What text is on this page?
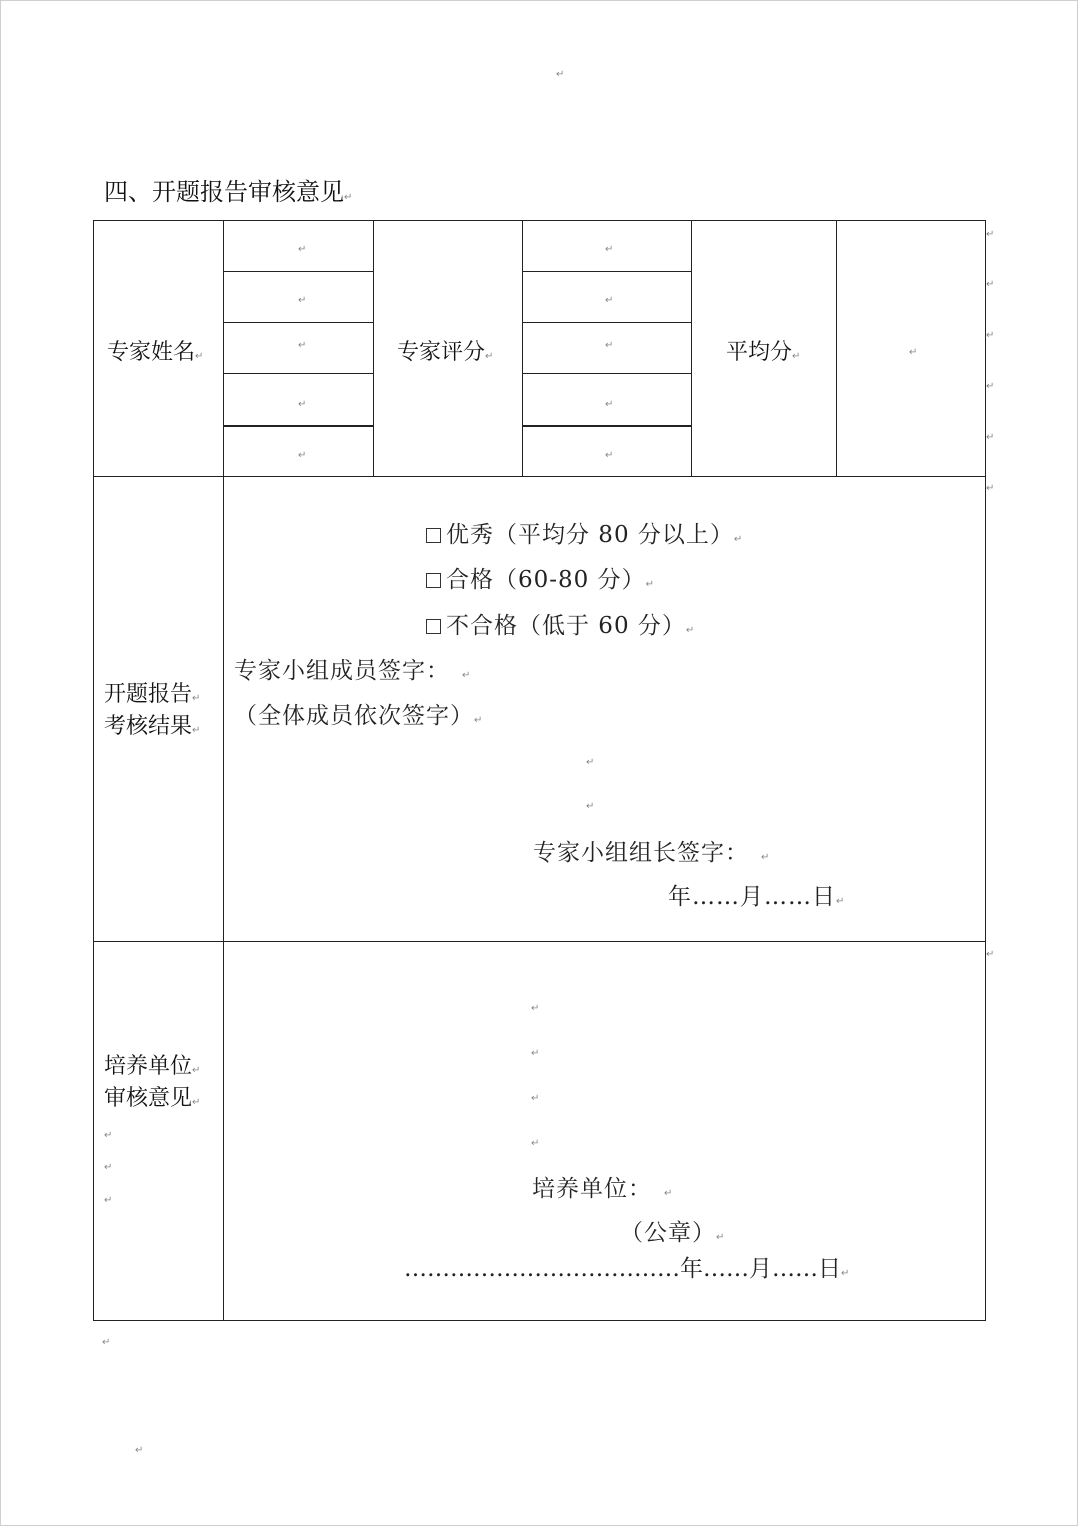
↵
四、开题报告审核意见↵
专家姓名↵	专家评分↵	平均分↵
↵
↵
↵
↵
↵
↵
↵
↵
↵
↵
↵
↵
↵
↵
↵
↵
↵
↵
开题报告↵
考核结果↵
优秀（平均分 80 分以上）↵
合格（60-80 分）↵
不合格（低于 60 分）↵
专家小组成员签字： ↵
（全体成员依次签字）↵
↵
↵
专家小组组长签字： ↵
年……月……日↵
培养单位↵
审核意见↵
↵
↵
↵
↵
↵
↵
↵
培养单位： ↵
（公章）↵
………………………………年……月……日↵
↵
↵
